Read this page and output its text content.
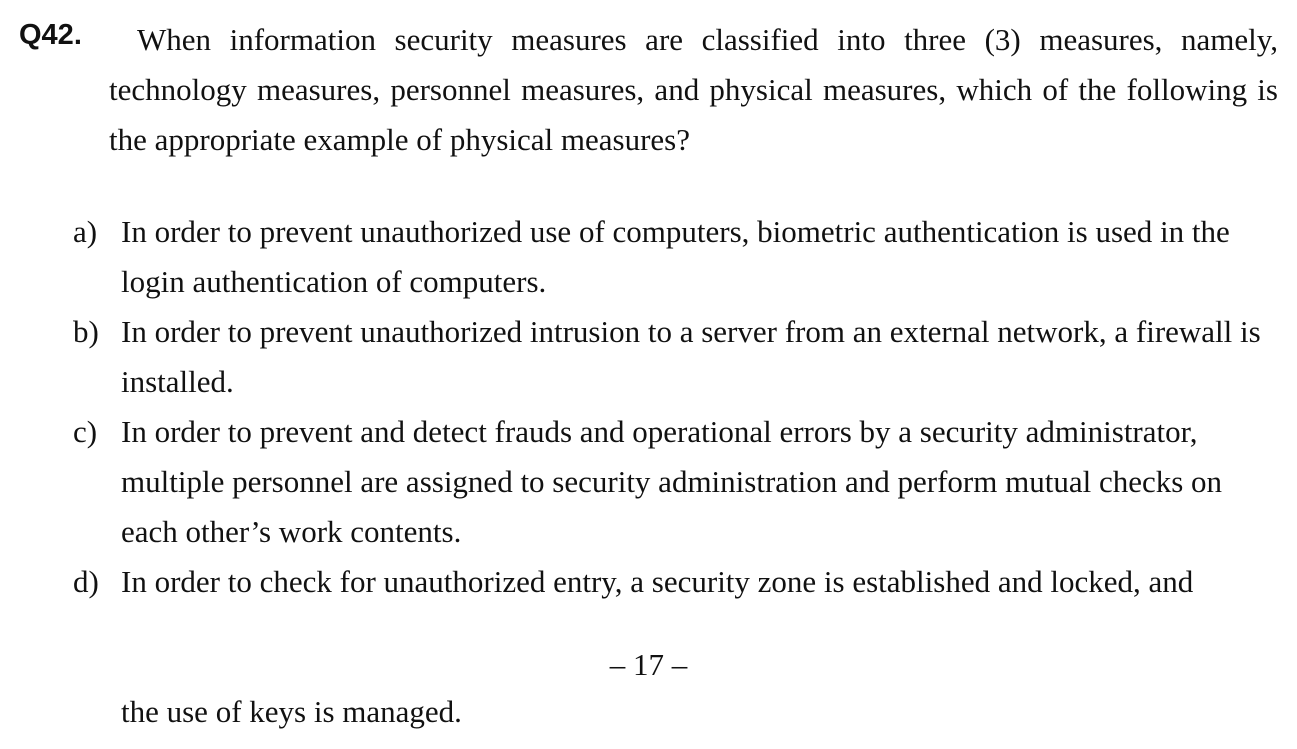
Q42.	When information security measures are classified into three (3) measures, namely, technology measures, personnel measures, and physical measures, which of the following is the appropriate example of physical measures?

a) In order to prevent unauthorized use of computers, biometric authentication is used in the login authentication of computers.

b) In order to prevent unauthorized intrusion to a server from an external network, a firewall is installed.

c) In order to prevent and detect frauds and operational errors by a security administrator, multiple personnel are assigned to security administration and perform mutual checks on each other’s work contents.

d) In order to check for unauthorized entry, a security zone is established and locked, and

– 17 –

the use of keys is managed.
